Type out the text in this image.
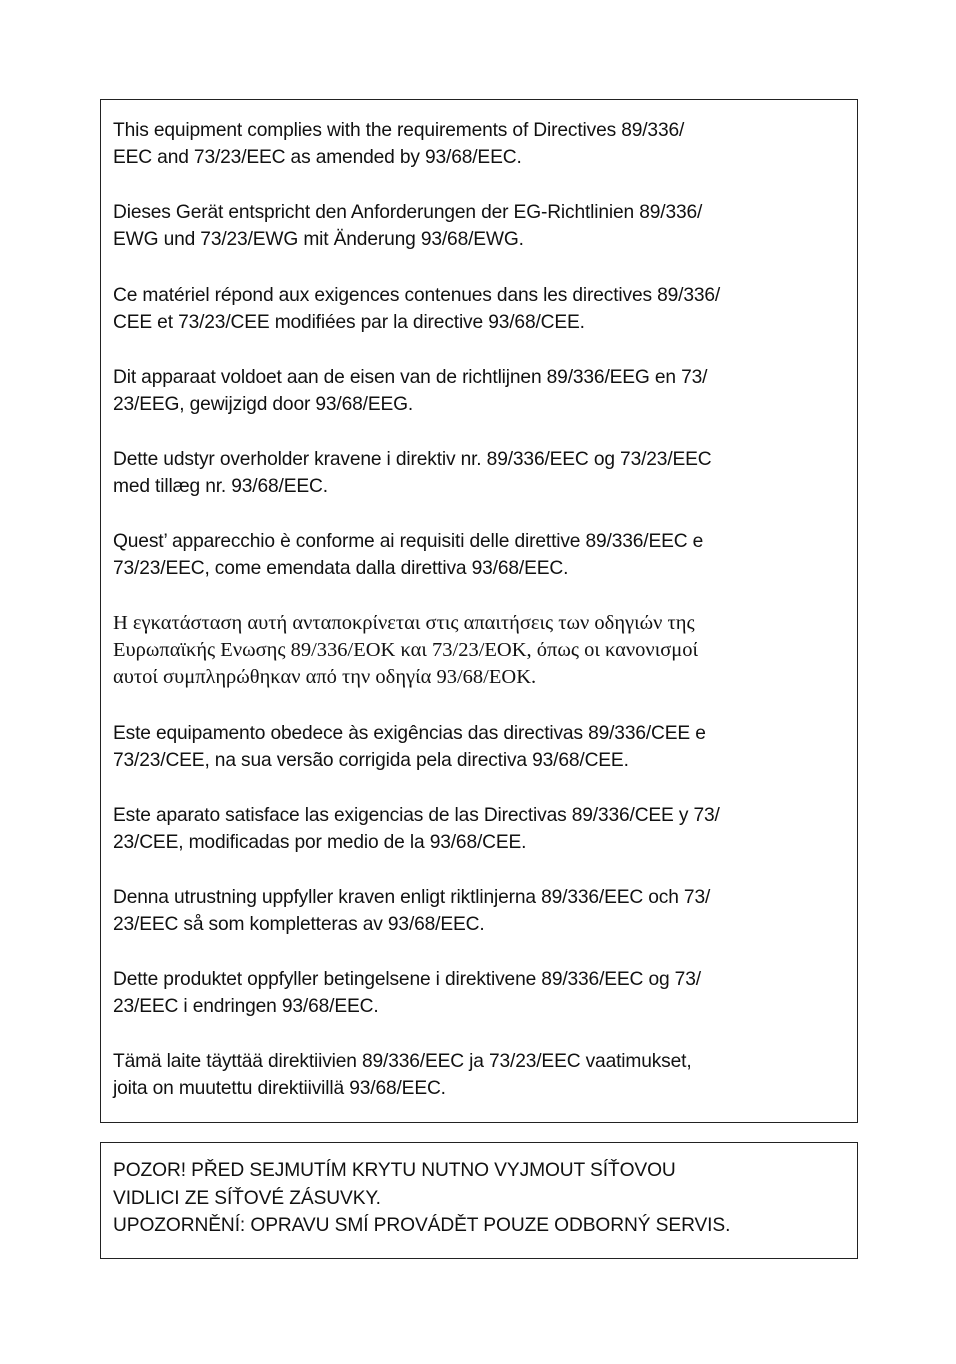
This equipment complies with the requirements of Directives 89/336/
EEC and 73/23/EEC as amended by 93/68/EEC.

Dieses Gerät entspricht den Anforderungen der EG-Richtlinien 89/336/
EWG und 73/23/EWG mit Änderung 93/68/EWG.

Ce matériel répond aux exigences contenues dans les directives 89/336/
CEE et 73/23/CEE modifiées par la directive 93/68/CEE.

Dit apparaat voldoet aan de eisen van de richtlijnen 89/336/EEG en 73/
23/EEG, gewijzigd door 93/68/EEG.

Dette udstyr overholder kravene i direktiv nr. 89/336/EEC og 73/23/EEC
med tillæg nr. 93/68/EEC.

Quest’ apparecchio è conforme ai requisiti delle direttive 89/336/EEC e
73/23/EEC, come emendata dalla direttiva 93/68/EEC.

Η εγκατάσταση αυτή ανταποκρίνεται στις απαιτήσεις των οδηγιών της
Ευρωπαϊκής Ενωσης 89/336/ΕΟΚ και 73/23/ΕΟΚ, όπως οι κανονισμοί
αυτοί συμπληρώθηκαν από την οδηγία 93/68/ΕΟΚ.

Este equipamento obedece às exigências das directivas 89/336/CEE e
73/23/CEE, na sua versão corrigida pela directiva 93/68/CEE.

Este aparato satisface las exigencias de las Directivas 89/336/CEE y 73/
23/CEE, modificadas por medio de la 93/68/CEE.

Denna utrustning uppfyller kraven enligt riktlinjerna 89/336/EEC och 73/
23/EEC så som kompletteras av 93/68/EEC.

Dette produktet oppfyller betingelsene i direktivene 89/336/EEC og 73/
23/EEC i endringen 93/68/EEC.

Tämä laite täyttää direktiivien 89/336/EEC ja 73/23/EEC vaatimukset,
joita on muutettu direktiivillä 93/68/EEC.

POZOR! PŘED SEJMUTÍM KRYTU NUTNO VYJMOUT SÍŤOVOU
VIDLICI ZE SÍŤOVÉ ZÁSUVKY.
UPOZORNĚNÍ: OPRAVU SMÍ PROVÁDĚT POUZE ODBORNÝ SERVIS.
